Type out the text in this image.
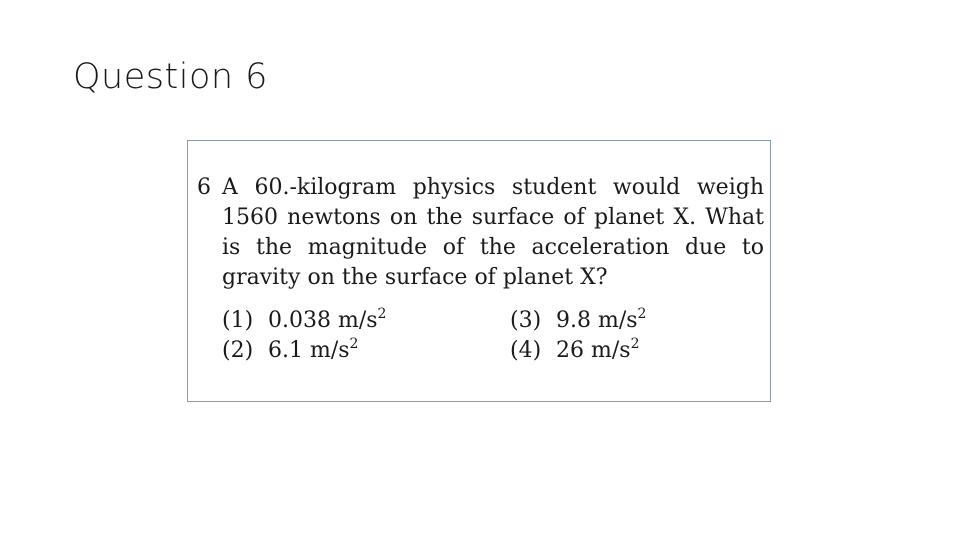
Question 6
6 A 60.-kilogram physics student would weigh
1560 newtons on the surface of planet X. What
is the magnitude of the acceleration due to
gravity on the surface of planet X?
(1) 0.038 $m/s^2$
(2) 6.1 $m/s^2$
(3) 9.8 $m/s^2$
(4) 26 $m/s^2$
